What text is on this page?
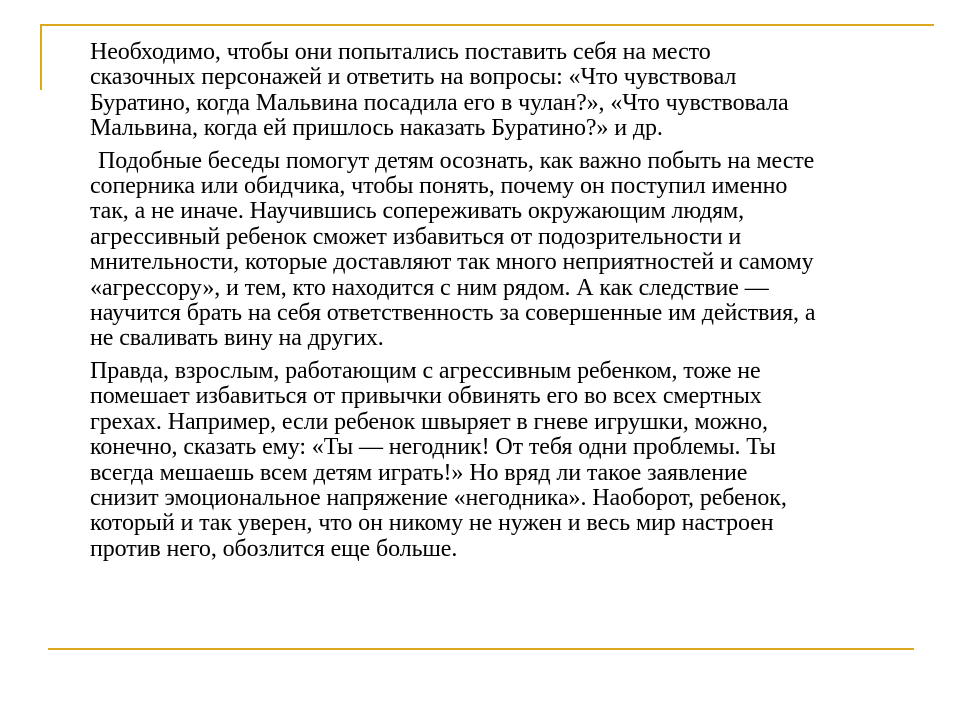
Необходимо, чтобы они попытались поставить себя на место
сказочных персонажей и ответить на вопросы: «Что чувствовал
Буратино, когда Мальвина посадила его в чулан?», «Что чувствовала
Мальвина, когда ей пришлось наказать Буратино?» и др.

Подобные беседы помогут детям осознать, как важно побыть на месте
соперника или обидчика, чтобы понять, почему он поступил именно
так, а не иначе. Научившись сопереживать окружающим людям,
агрессивный ребенок сможет избавиться от подозрительности и
мнительности, которые доставляют так много неприятностей и самому
«агрессору», и тем, кто находится с ним рядом. А как следствие —
научится брать на себя ответственность за совершенные им действия, а
не сваливать вину на других.

Правда, взрослым, работающим с агрессивным ребенком, тоже не
помешает избавиться от привычки обвинять его во всех смертных
грехах. Например, если ребенок швыряет в гневе игрушки, можно,
конечно, сказать ему: «Ты — негодник! От тебя одни проблемы. Ты
всегда мешаешь всем детям играть!» Но вряд ли такое заявление
снизит эмоциональное напряжение «негодника». Наоборот, ребенок,
который и так уверен, что он никому не нужен и весь мир настроен
против него, обозлится еще больше.
